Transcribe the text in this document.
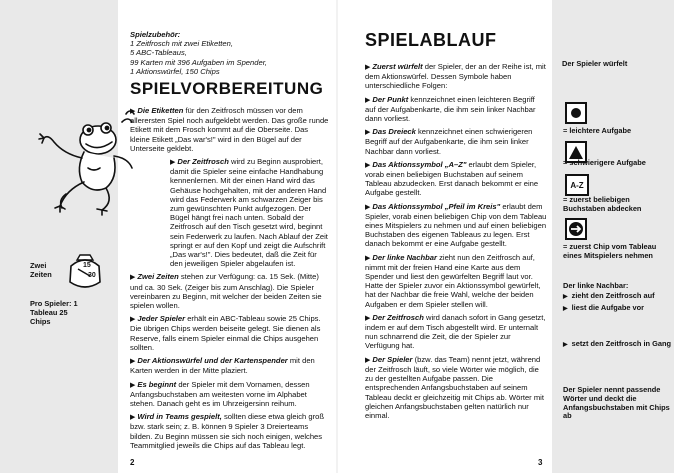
15
30
Zwei Zeiten
Pro Spieler: 1 Tableau 25 Chips
Spielzubehör:
1 Zeitfrosch mit zwei Etiketten,
5 ABC-Tableaus,
99 Karten mit 396 Aufgaben im Spender,
1 Aktionswürfel, 150 Chips
SPIELVORBEREITUNG

▶ Die Etiketten für den Zeitfrosch müssen vor dem allerersten Spiel noch aufgeklebt werden. Das große runde Etikett mit dem Frosch kommt auf die Oberseite. Das kleine Etikett „Das war's!" wird in den Bügel auf der Unterseite geklebt.

▶ Der Zeitfrosch wird zu Beginn ausprobiert, damit die Spieler seine einfache Handhabung kennenlernen. Mit der einen Hand wird das Gehäuse hochgehalten, mit der anderen Hand wird das Federwerk am schwarzen Zeiger bis zum gewünschten Punkt aufgezogen. Der Bügel hängt frei nach unten. Sobald der Zeitfrosch auf den Tisch gesetzt wird, beginnt sein Federwerk zu laufen. Nach Ablauf der Zeit springt er auf den Kopf und zeigt die Aufschrift „Das war's!". Dies bedeutet, daß die Zeit für den jeweiligen Spieler abgelaufen ist.

▶ Zwei Zeiten stehen zur Verfügung: ca. 15 Sek. (Mitte) und ca. 30 Sek. (Zeiger bis zum Anschlag). Die Spieler vereinbaren zu Beginn, mit welcher der beiden Zeiten sie spielen wollen.

▶ Jeder Spieler erhält ein ABC-Tableau sowie 25 Chips. Die übrigen Chips werden beiseite gelegt. Sie dienen als Reserve, falls einem Spieler einmal die Chips ausgehen sollten.

▶ Der Aktionswürfel und der Kartenspender mit den Karten werden in der Mitte plaziert.

▶ Es beginnt der Spieler mit dem Vornamen, dessen Anfangsbuchstaben am weitesten vorne im Alphabet stehen. Danach geht es im Uhrzeigersinn reihum.

▶ Wird in Teams gespielt, sollten diese etwa gleich groß bzw. stark sein; z. B. können 9 Spieler 3 Dreierteams bilden. Zu Beginn müssen sie sich noch einigen, welches Teammitglied jeweils die Chips auf das Tableau legt.

2
SPIELABLAUF

▶ Zuerst würfelt der Spieler, der an der Reihe ist, mit dem Aktionswürfel. Dessen Symbole haben unterschiedliche Folgen:

▶ Der Punkt kennzeichnet einen leichteren Begriff auf der Aufgabenkarte, die ihm sein linker Nachbar dann vorliest.

▶ Das Dreieck kennzeichnet einen schwierigeren Begriff auf der Aufgabenkarte, die ihm sein linker Nachbar dann vorliest.

▶ Das Aktionssymbol „A–Z" erlaubt dem Spieler, vorab einen beliebigen Buchstaben auf seinem Tableau abzudecken. Erst danach bekommt er eine Aufgabe gestellt.

▶ Das Aktionssymbol „Pfeil im Kreis" erlaubt dem Spieler, vorab einen beliebigen Chip von dem Tableau eines Mitspielers zu nehmen und auf einen beliebigen Buchstaben des eigenen Tableaus zu legen. Erst danach bekommt er eine Aufgabe gestellt.

▶ Der linke Nachbar zieht nun den Zeitfrosch auf, nimmt mit der freien Hand eine Karte aus dem Spender und liest den gewürfelten Begriff laut vor. Hatte der Spieler zuvor ein Aktionssymbol gewürfelt, hat der Nachbar die freie Wahl, welche der beiden Aufgaben er dem Spieler stellen will.

▶ Der Zeitfrosch wird danach sofort in Gang gesetzt, indem er auf dem Tisch abgestellt wird. Er unternalt nun schnarrend die Zeit, die der Spieler zur Verfügung hat.

▶ Der Spieler (bzw. das Team) nennt jetzt, während der Zeitfrosch läuft, so viele Wörter wie möglich, die zu der gestellten Aufgabe passen. Die entsprechenden Anfangsbuchstaben auf seinem Tableau deckt er gleichzeitig mit Chips ab. Wörter mit gleichen Anfangsbuchstaben gelten natürlich nur einmal.

3
Der Spieler würfelt
= leichtere Aufgabe
= schwierigere Aufgabe
A-Z
= zuerst beliebigen Buchstaben abdecken
= zuerst Chip vom Tableau eines Mitspielers nehmen
Der linke Nachbar:
▶ zieht den Zeitfrosch auf
▶ liest die Aufgabe vor
▶ setzt den Zeitfrosch in Gang
Der Spieler nennt passende Wörter und deckt die Anfangsbuchstaben mit Chips ab
